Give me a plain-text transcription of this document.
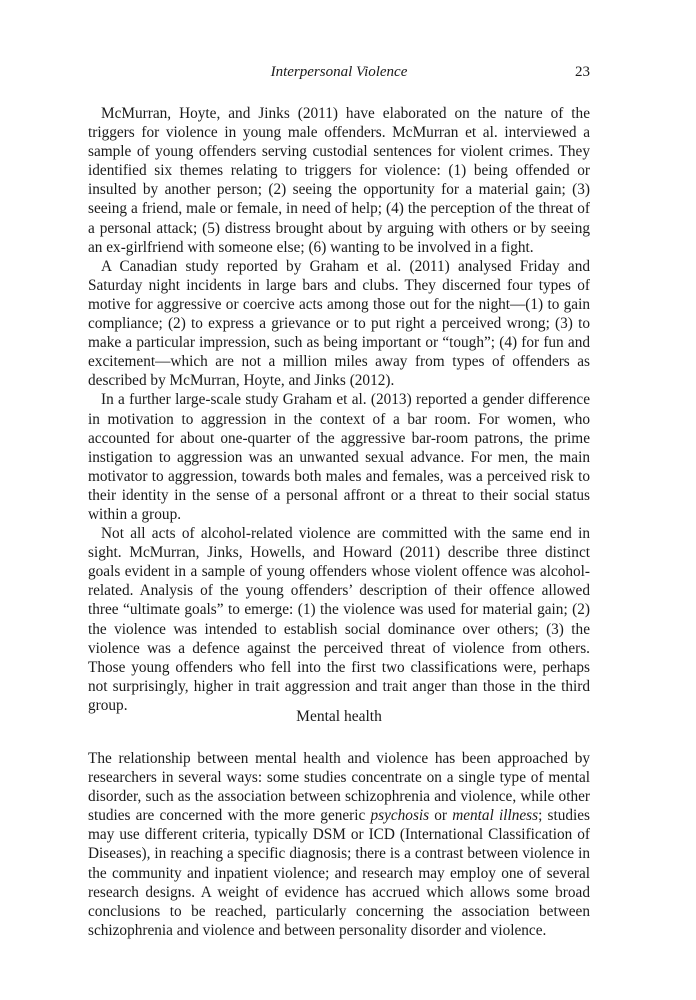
Interpersonal Violence	23

McMurran, Hoyte, and Jinks (2011) have elaborated on the nature of the triggers for violence in young male offenders. McMurran et al. interviewed a sample of young offenders serving custodial sentences for violent crimes. They identified six themes relating to triggers for violence: (1) being offended or insulted by another person; (2) seeing the opportunity for a material gain; (3) seeing a friend, male or female, in need of help; (4) the perception of the threat of a personal attack; (5) distress brought about by arguing with others or by seeing an ex-girlfriend with someone else; (6) wanting to be involved in a fight.

A Canadian study reported by Graham et al. (2011) analysed Friday and Saturday night incidents in large bars and clubs. They discerned four types of motive for aggressive or coercive acts among those out for the night—(1) to gain compliance; (2) to express a grievance or to put right a perceived wrong; (3) to make a particular impression, such as being important or “tough”; (4) for fun and excitement—which are not a million miles away from types of offenders as described by McMurran, Hoyte, and Jinks (2012).

In a further large-scale study Graham et al. (2013) reported a gender difference in motivation to aggression in the context of a bar room. For women, who accounted for about one-quarter of the aggressive bar-room patrons, the prime instigation to aggression was an unwanted sexual advance. For men, the main motivator to aggression, towards both males and females, was a perceived risk to their identity in the sense of a personal affront or a threat to their social status within a group.

Not all acts of alcohol-related violence are committed with the same end in sight. McMurran, Jinks, Howells, and Howard (2011) describe three distinct goals evident in a sample of young offenders whose violent offence was alcohol-related. Analysis of the young offenders’ description of their offence allowed three “ultimate goals” to emerge: (1) the violence was used for material gain; (2) the violence was intended to establish social dominance over others; (3) the violence was a defence against the perceived threat of violence from others. Those young offenders who fell into the first two classifications were, perhaps not surprisingly, higher in trait aggression and trait anger than those in the third group.

Mental health

The relationship between mental health and violence has been approached by researchers in several ways: some studies concentrate on a single type of mental disorder, such as the association between schizophrenia and violence, while other studies are concerned with the more generic psychosis or mental illness; studies may use different criteria, typically DSM or ICD (International Classification of Diseases), in reaching a specific diagnosis; there is a contrast between violence in the community and inpatient violence; and research may employ one of several research designs. A weight of evidence has accrued which allows some broad conclusions to be reached, particularly concerning the association between schizophrenia and violence and between personality disorder and violence.
